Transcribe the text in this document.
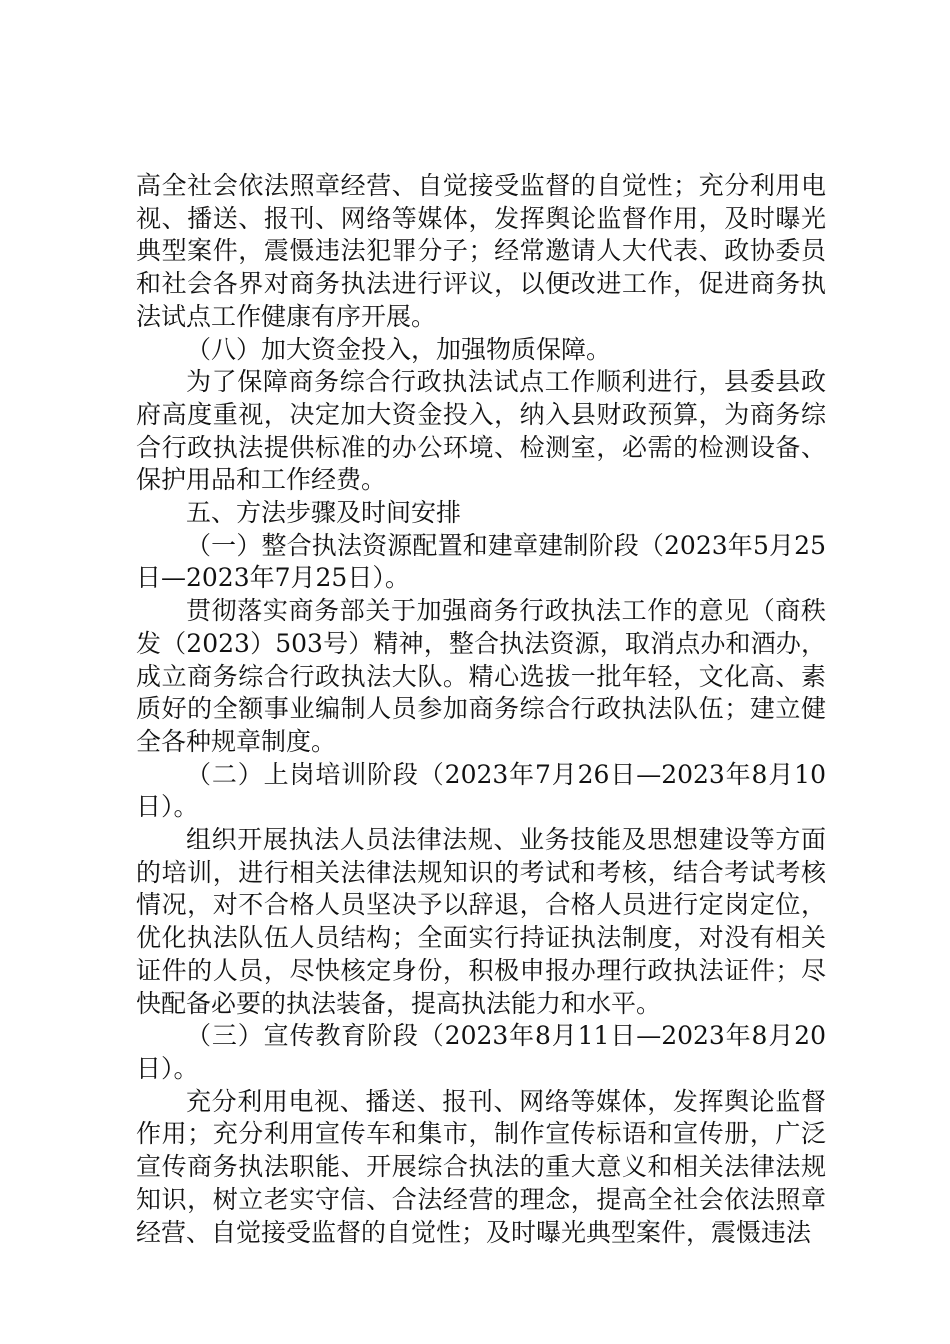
高全社会依法照章经营、自觉接受监督的自觉性；充分利用电视、播送、报刊、网络等媒体，发挥舆论监督作用，及时曝光典型案件，震慑违法犯罪分子；经常邀请人大代表、政协委员和社会各界对商务执法进行评议，以便改进工作，促进商务执法试点工作健康有序开展。

（八）加大资金投入，加强物质保障。

为了保障商务综合行政执法试点工作顺利进行，县委县政府高度重视，决定加大资金投入，纳入县财政预算，为商务综合行政执法提供标准的办公环境、检测室，必需的检测设备、保护用品和工作经费。

五、方法步骤及时间安排

（一）整合执法资源配置和建章建制阶段（2023年5月25日—2023年7月25日）。

贯彻落实商务部关于加强商务行政执法工作的意见（商秩发（2023）503号）精神，整合执法资源，取消点办和酒办，成立商务综合行政执法大队。精心选拔一批年轻，文化高、素质好的全额事业编制人员参加商务综合行政执法队伍；建立健全各种规章制度。

（二）上岗培训阶段（2023年7月26日—2023年8月10日）。

组织开展执法人员法律法规、业务技能及思想建设等方面的培训，进行相关法律法规知识的考试和考核，结合考试考核情况，对不合格人员坚决予以辞退，合格人员进行定岗定位，优化执法队伍人员结构；全面实行持证执法制度，对没有相关证件的人员，尽快核定身份，积极申报办理行政执法证件；尽快配备必要的执法装备，提高执法能力和水平。

（三）宣传教育阶段（2023年8月11日—2023年8月20日）。

充分利用电视、播送、报刊、网络等媒体，发挥舆论监督作用；充分利用宣传车和集市，制作宣传标语和宣传册，广泛宣传商务执法职能、开展综合执法的重大意义和相关法律法规知识，树立老实守信、合法经营的理念，提高全社会依法照章经营、自觉接受监督的自觉性；及时曝光典型案件，震慑违法
